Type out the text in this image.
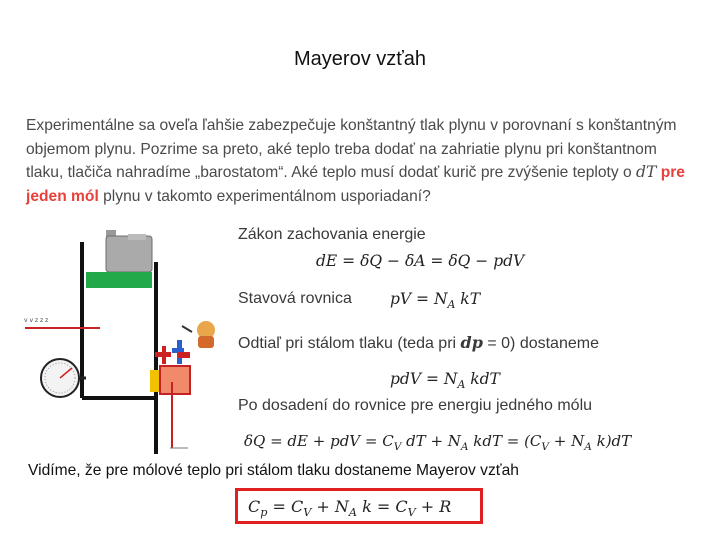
Mayerov vzťah
Experimentálne sa oveľa ľahšie zabezpečuje konštantný tlak plynu v porovnaní s konštantným objemom plynu. Pozrime sa preto, aké teplo treba dodať na zahriatie plynu pri konštantnom tlaku, tlačiča nahradíme „barostatom“. Aké teplo musí dodať kurič pre zvýšenie teploty o dT pre jeden mól plynu v takomto experimentálnom usporiadaní?
v v z z z
Zákon zachovania energie
dE = δQ − δA = δQ − pdV
Stavová rovnica pV = $N_A$ kT
Odtiaľ pri stálom tlaku (teda pri dp = 0) dostaneme
pdV = $N_A$ kdT
Po dosadení do rovnice pre energiu jedného mólu
δQ = dE + pdV = $C_V$ dT + $N_A$ kdT = ($C_V + N_A$ k)dT
Vidíme, že pre mólové teplo pri stálom tlaku dostaneme Mayerov vzťah
$C_p = C_V + N_A$ $k = C_V + R$
